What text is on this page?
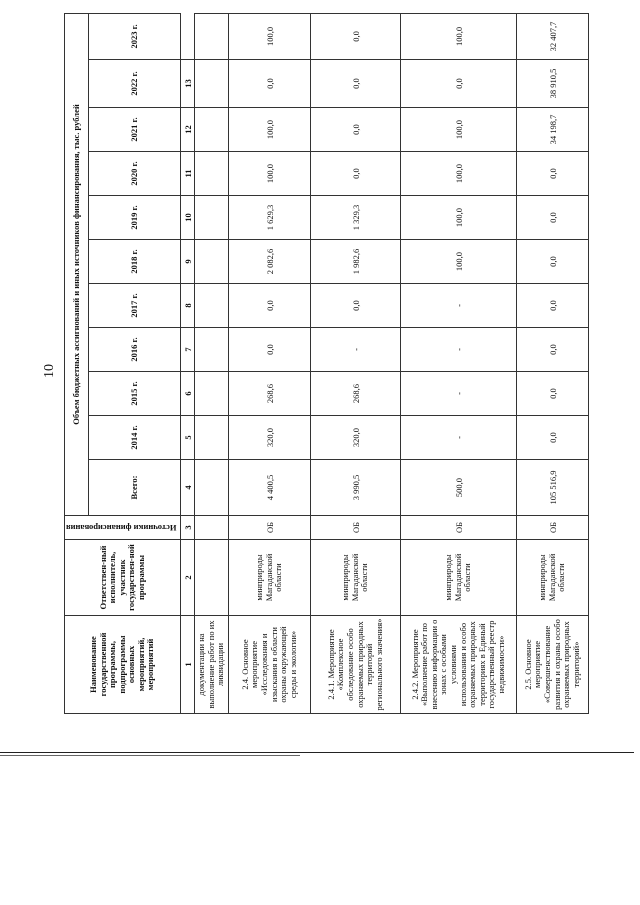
10
Наименование государственной программы, подпрограммы основных мероприятий, мероприятий	Ответствен-ный исполнитель, участник государствен-ной программы	Источники финансирования	Объем бюджетных ассигнований и иных источников финансирования, тыс. рублей										
			Всего:	2014 г.	2015 г.	2016 г.	2017 г.	2018 г.	2019 г.	2020 г.	2021 г.	2022 г.	2023 г.
1	2	3	4	5	6	7	8	9	10	11	12	13	
документации на выполнение работ по их ликвидации													
2.4. Основное мероприятие «Исследования и изыскания в области охраны окружающей среды и экологии»	минприроды Магаданской области	ОБ	4 400,5	320,0	268,6	0,0	0,0	2 082,6	1 629,3	100,0	100,0	0,0	100,0
2.4.1. Мероприятие «Комплексное обследование особо охраняемых природных территорий регионального значения»	минприроды Магаданской области	ОБ	3 990,5	320,0	268,6	-	0,0	1 982,6	1 329,3	0,0	0,0	0,0	0,0
2.4.2. Мероприятие «Выполнение работ по внесению информации о зонах с особыми условиями использования и особо охраняемых природных территориях в Единый государственный реестр недвижимости»	минприроды Магаданской области	ОБ	500,0	-	-	-	-	100,0	100,0	100,0	100,0	0,0	100,0
2.5. Основное мероприятие «Совершенствование развития и охраны особо охраняемых природных территорий»	минприроды Магаданской области	ОБ	105 516,9	0,0	0,0	0,0	0,0	0,0	0,0	0,0	34 198,7	38 910,5	32 407,7
